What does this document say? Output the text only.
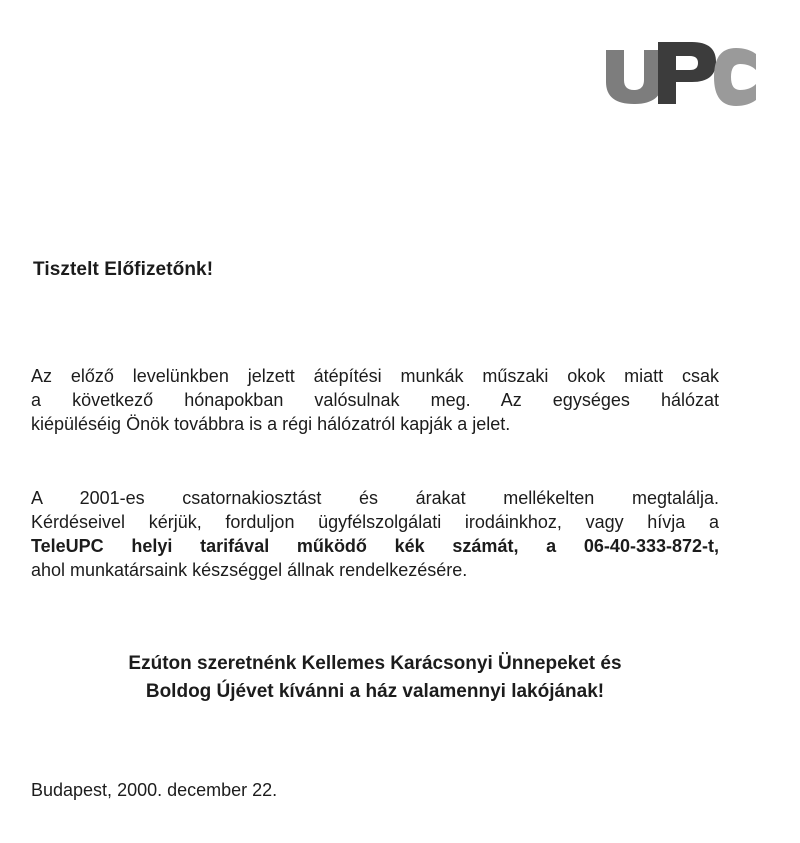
Tisztelt Előfizetőnk!

Az előző levelünkben jelzett átépítési munkák műszaki okok miatt csak
a következő hónapokban valósulnak meg. Az egységes hálózat
kiépüléséig Önök továbbra is a régi hálózatról kapják a jelet.

A 2001-es csatornakiosztást és árakat mellékelten megtalálja.
Kérdéseivel kérjük, forduljon ügyfélszolgálati irodáinkhoz, vagy hívja a
TeleUPC helyi tarifával működő kék számát, a 06-40-333-872-t,
ahol munkatársaink készséggel állnak rendelkezésére.

Ezúton szeretnénk Kellemes Karácsonyi Ünnepeket és
Boldog Újévet kívánni a ház valamennyi lakójának!

Budapest, 2000. december 22.
